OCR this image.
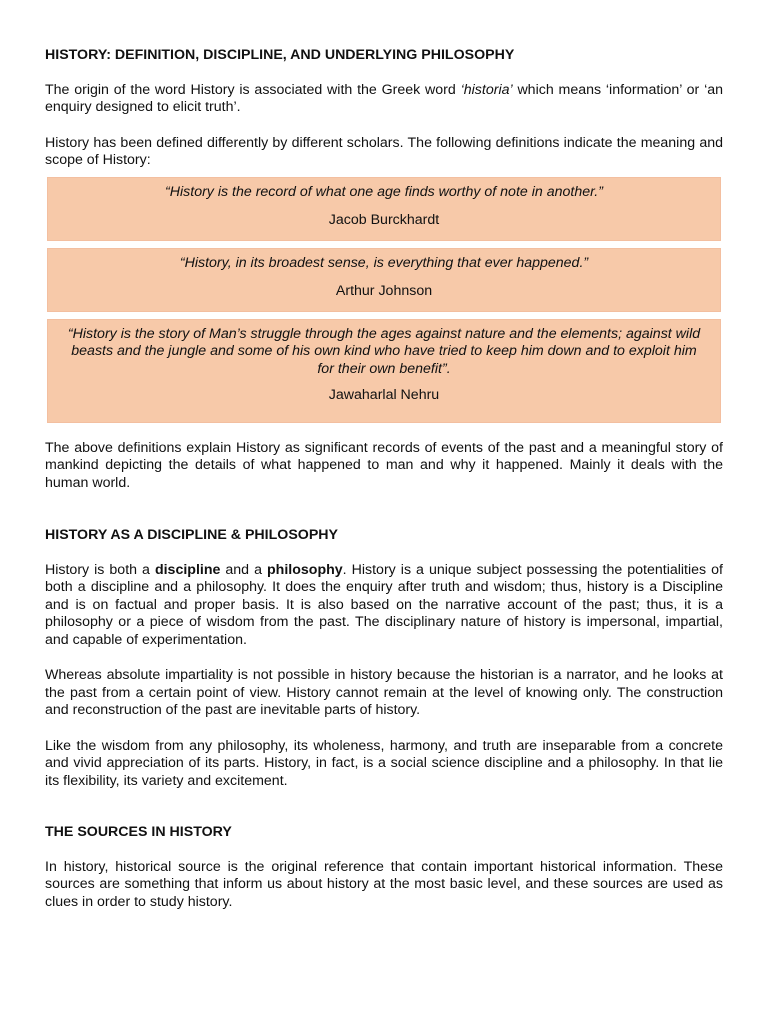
HISTORY: DEFINITION, DISCIPLINE, AND UNDERLYING PHILOSOPHY

The origin of the word History is associated with the Greek word ‘historia’ which means ‘information’ or ‘an enquiry designed to elicit truth’.

History has been defined differently by different scholars. The following definitions indicate the meaning and scope of History:

“History is the record of what one age finds worthy of note in another.”

Jacob Burckhardt

“History, in its broadest sense, is everything that ever happened.”

Arthur Johnson

“History is the story of Man’s struggle through the ages against nature and the elements; against wild beasts and the jungle and some of his own kind who have tried to keep him down and to exploit him for their own benefit”.

Jawaharlal Nehru

The above definitions explain History as significant records of events of the past and a meaningful story of mankind depicting the details of what happened to man and why it happened. Mainly it deals with the human world.

HISTORY AS A DISCIPLINE & PHILOSOPHY

History is both a discipline and a philosophy. History is a unique subject possessing the potentialities of both a discipline and a philosophy. It does the enquiry after truth and wisdom; thus, history is a Discipline and is on factual and proper basis. It is also based on the narrative account of the past; thus, it is a philosophy or a piece of wisdom from the past. The disciplinary nature of history is impersonal, impartial, and capable of experimentation.

Whereas absolute impartiality is not possible in history because the historian is a narrator, and he looks at the past from a certain point of view. History cannot remain at the level of knowing only. The construction and reconstruction of the past are inevitable parts of history.

Like the wisdom from any philosophy, its wholeness, harmony, and truth are inseparable from a concrete and vivid appreciation of its parts. History, in fact, is a social science discipline and a philosophy. In that lie its flexibility, its variety and excitement.

THE SOURCES IN HISTORY

In history, historical source is the original reference that contain important historical information. These sources are something that inform us about history at the most basic level, and these sources are used as clues in order to study history.
